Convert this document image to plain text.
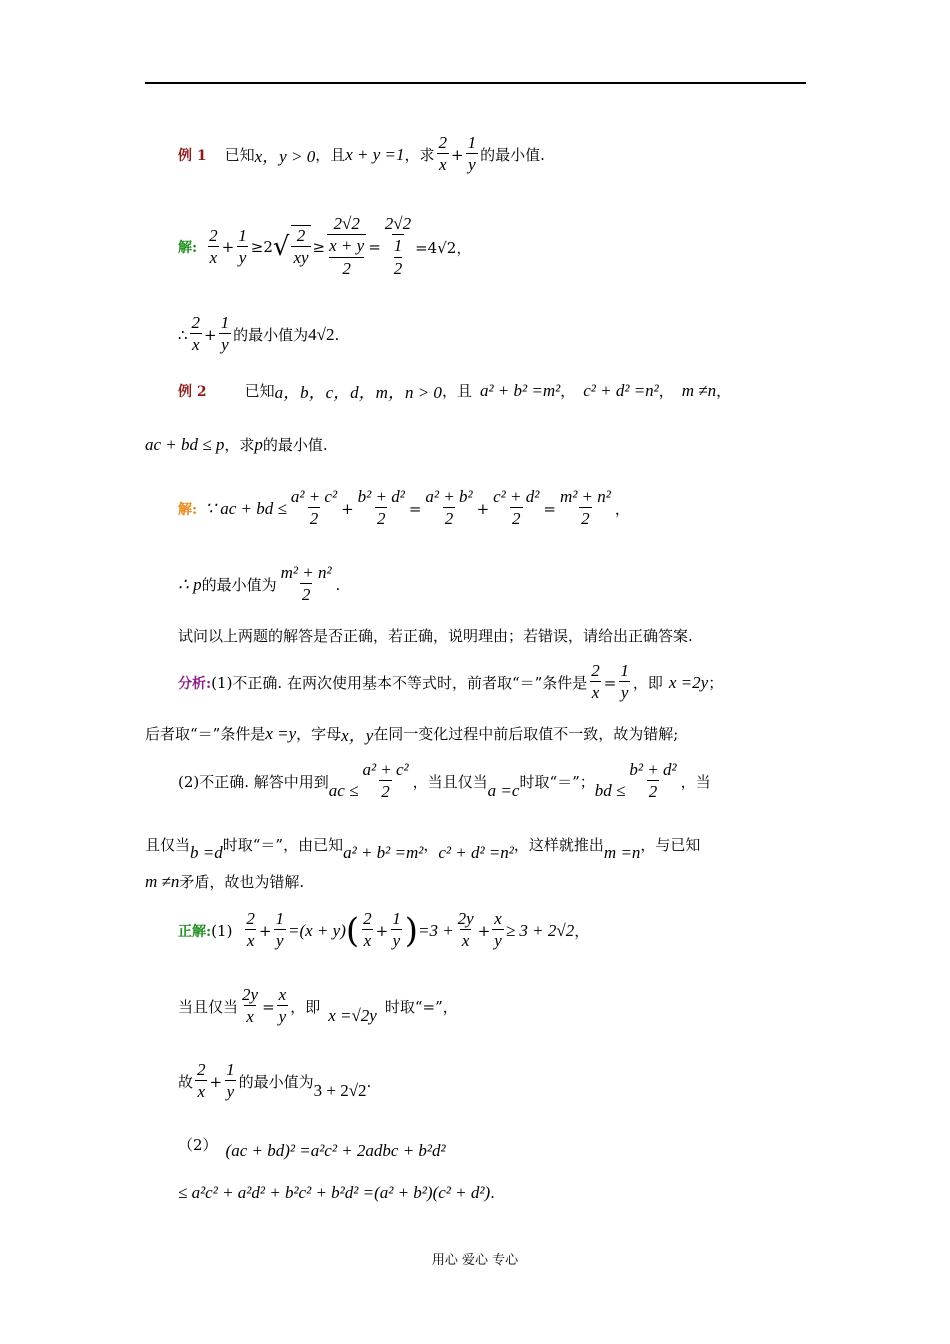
例 1 已知 x，y > 0 ，且 x + y =1 ，求 $\frac{2}{x} + \frac{1}{y}$ 的最小值.
解: $\frac{2}{x} + \frac{1}{y} \ge 2$ √ $\frac{2}{xy} \ge 2√2$
x + y
2 = 2√2
1
2 =4√2，
∴ $\frac{2}{x} + \frac{1}{y}$ 的最小值为 4√2 .
例 2	已知 a，b，c，d，m，n > 0 ，且 a² + b² =m² ， c² + d² =n² ， m ≠n ，
ac + bd ≤ p ，求 p 的最小值.
解: ∵ ac + bd ≤ $\frac{\text{a² + c²}}{2} + \frac{\text{b² + d²}}{2} = \frac{\text{a² + b²}}{2} + \frac{\text{c² + d²}}{2} = \frac{\text{m² + n²}}{2}$ ，
∴ p 的最小值为 $\frac{\text{m² + n²}}{2}$ .
试问以上两题的解答是否正确，若正确，说明理由；若错误，请给出正确答案.
分析: (1)不正确. 在两次使用基本不等式时，前者取“＝”条件是 $\frac{2}{x} = \frac{1}{y}$ ，即 x =2y ；
后者取“＝”条件是 x =y ，字母 x，y 在同一变化过程中前后取值不一致，故为错解;
(2)不正确. 解答中用到 ac ≤ $\frac{\text{a² + c²}}{2}$ ，当且仅当 a =c 时取“＝”； bd ≤ $\frac{\text{b² + d²}}{2}$ ，当
且仅当 b =d 时取“＝”，由已知 a² + b² =m² ， c² + d² =n² ，这样就推出 m =n ，与已知
m ≠n 矛盾，故也为错解.
正解: $(1) \frac{2}{x} + \frac{1}{y} =(x + y)$ ( $\frac{2}{x} + \frac{1}{y}$ ) $=3 + \frac{2y}{x} + \frac{x}{y} \ge 3 + 2√2$ ，
当且仅当 $\frac{2y}{x} = \frac{x}{y}$ ，即 x =√2y 时取“=”，
故 $\frac{2}{x} + \frac{1}{y}$ 的最小值为 3 + 2√2 .
（2） (ac + bd)² =a²c² + 2adbc + b²d²
≤ a²c² + a²d² + b²c² + b²d² =(a² + b²)(c² + d²) .
用心 爱心 专心
